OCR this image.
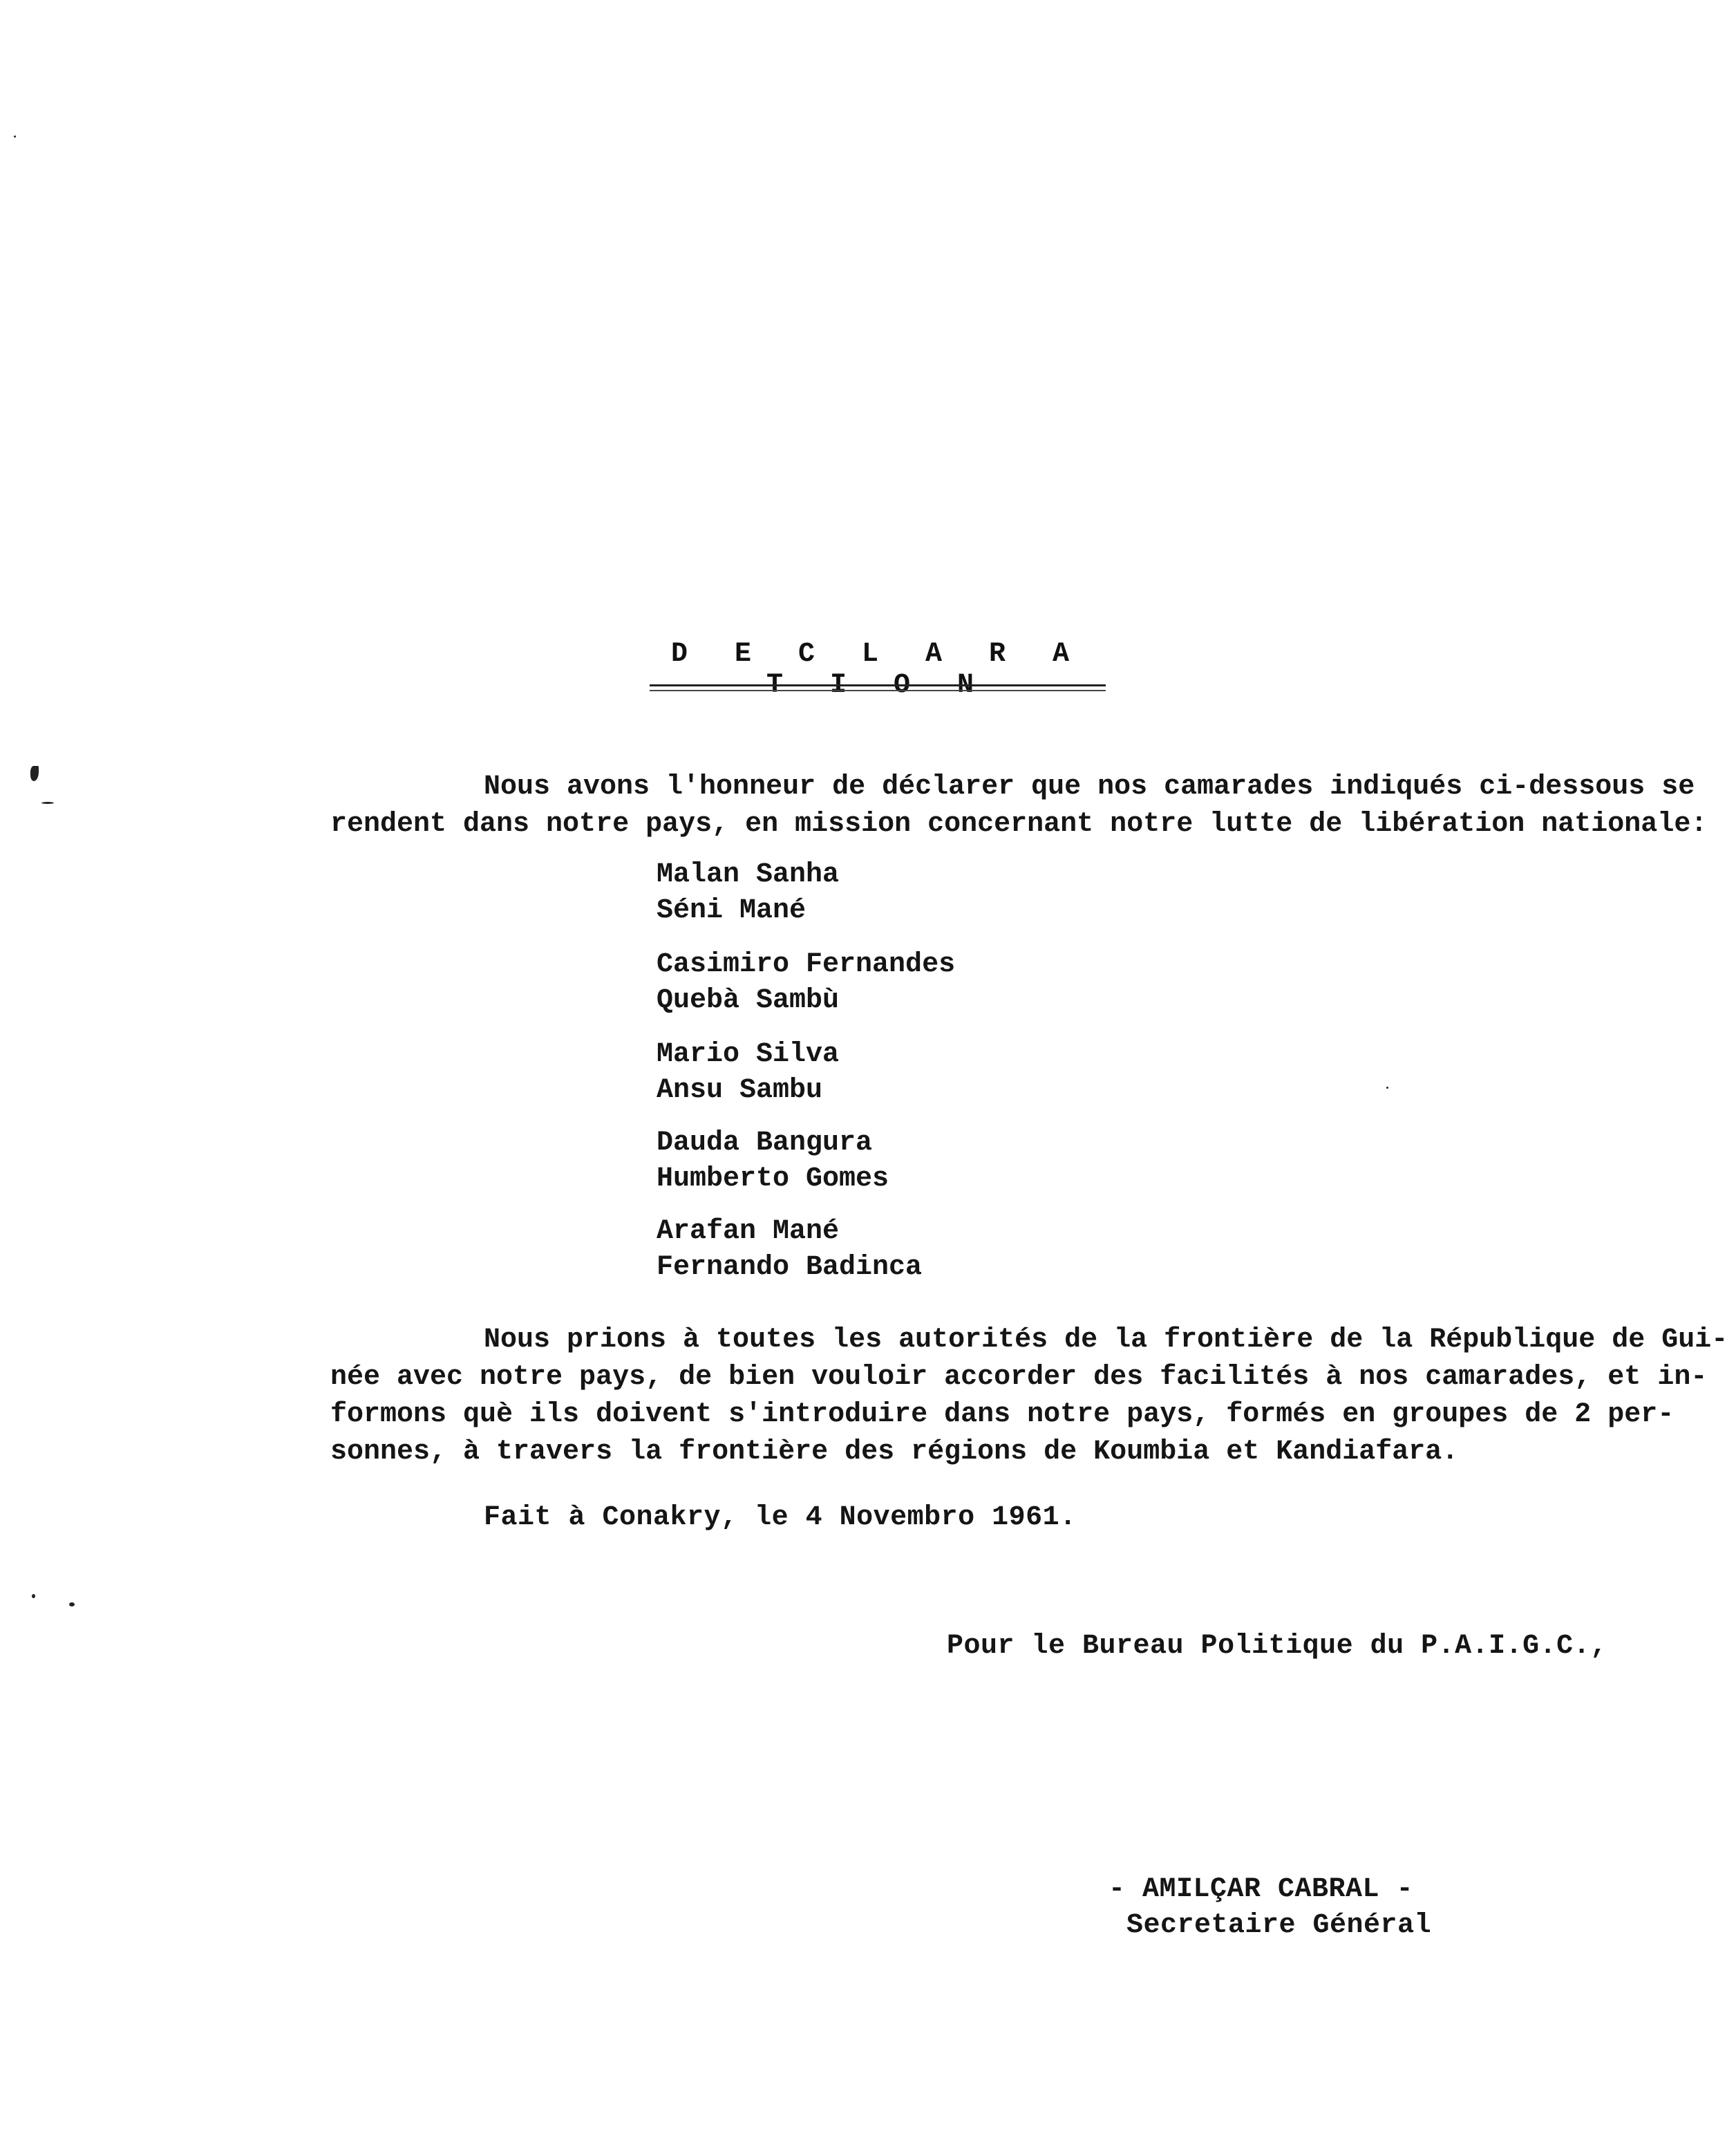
D E C L A R A T I O N
Nous avons l'honneur de déclarer que nos camarades indiqués ci-dessous se
rendent dans notre pays, en mission concernant notre lutte de libération nationale:
Malan Sanha
Séni Mané
Casimiro Fernandes
Quebà Sambù
Mario Silva
Ansu Sambu
Dauda Bangura
Humberto Gomes
Arafan Mané
Fernando Badinca
Nous prions à toutes les autorités de la frontière de la République de Gui-
née avec notre pays, de bien vouloir accorder des facilités à nos camarades, et in-
formons què ils doivent s'introduire dans notre pays, formés en groupes de 2 per-
sonnes, à travers la frontière des régions de Koumbia et Kandiafara.
Fait à Conakry, le 4 Novembro 1961.
Pour le Bureau Politique du P.A.I.G.C.,
- AMILÇAR CABRAL -
Secretaire Général
